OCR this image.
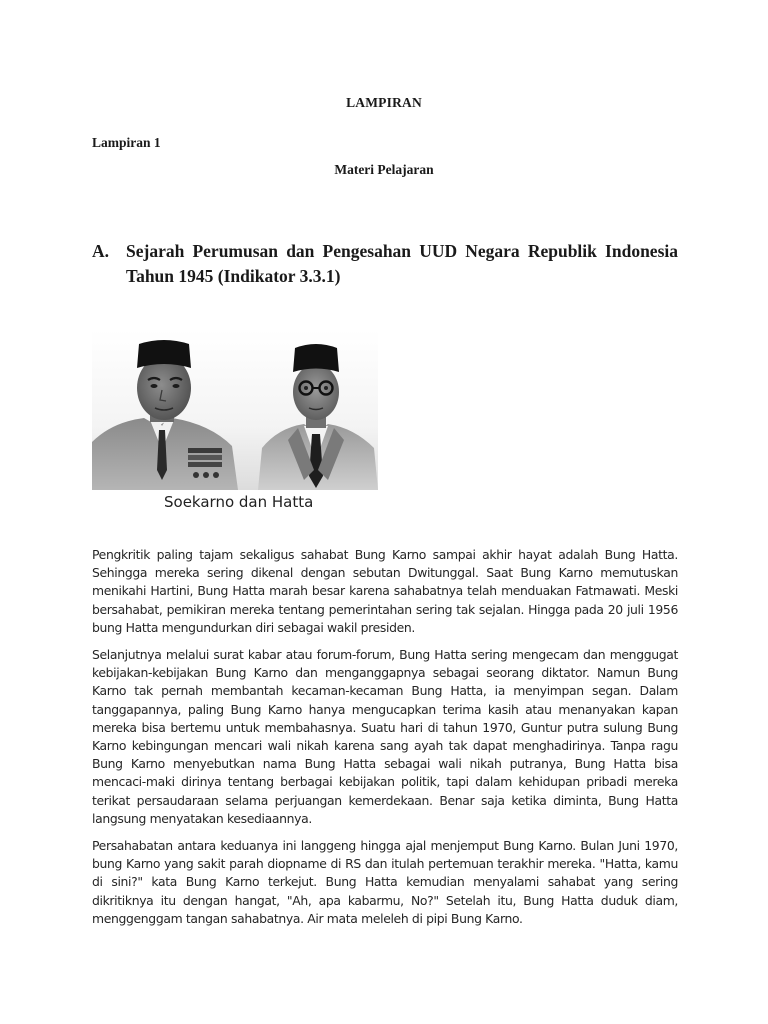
LAMPIRAN
Lampiran 1
Materi Pelajaran
A. Sejarah Perumusan dan Pengesahan UUD Negara Republik Indonesia Tahun 1945 (Indikator 3.3.1)
Soekarno dan Hatta

Pengkritik paling tajam sekaligus sahabat Bung Karno sampai akhir hayat adalah Bung Hatta. Sehingga mereka sering dikenal dengan sebutan Dwitunggal. Saat Bung Karno memutuskan menikahi Hartini, Bung Hatta marah besar karena sahabatnya telah menduakan Fatmawati. Meski bersahabat, pemikiran mereka tentang pemerintahan sering tak sejalan. Hingga pada 20 juli 1956 bung Hatta mengundurkan diri sebagai wakil presiden.

Selanjutnya melalui surat kabar atau forum-forum, Bung Hatta sering mengecam dan menggugat kebijakan-kebijakan Bung Karno dan menganggapnya sebagai seorang diktator. Namun Bung Karno tak pernah membantah kecaman-kecaman Bung Hatta, ia menyimpan segan. Dalam tanggapannya, paling Bung Karno hanya mengucapkan terima kasih atau menanyakan kapan mereka bisa bertemu untuk membahasnya. Suatu hari di tahun 1970, Guntur putra sulung Bung Karno kebingungan mencari wali nikah karena sang ayah tak dapat menghadirinya. Tanpa ragu Bung Karno menyebutkan nama Bung Hatta sebagai wali nikah putranya, Bung Hatta bisa mencaci-maki dirinya tentang berbagai kebijakan politik, tapi dalam kehidupan pribadi mereka terikat persaudaraan selama perjuangan kemerdekaan. Benar saja ketika diminta, Bung Hatta langsung menyatakan kesediaannya.

Persahabatan antara keduanya ini langgeng hingga ajal menjemput Bung Karno. Bulan Juni 1970, bung Karno yang sakit parah diopname di RS dan itulah pertemuan terakhir mereka. "Hatta, kamu di sini?" kata Bung Karno terkejut. Bung Hatta kemudian menyalami sahabat yang sering dikritiknya itu dengan hangat, "Ah, apa kabarmu, No?" Setelah itu, Bung Hatta duduk diam, menggenggam tangan sahabatnya. Air mata meleleh di pipi Bung Karno.
